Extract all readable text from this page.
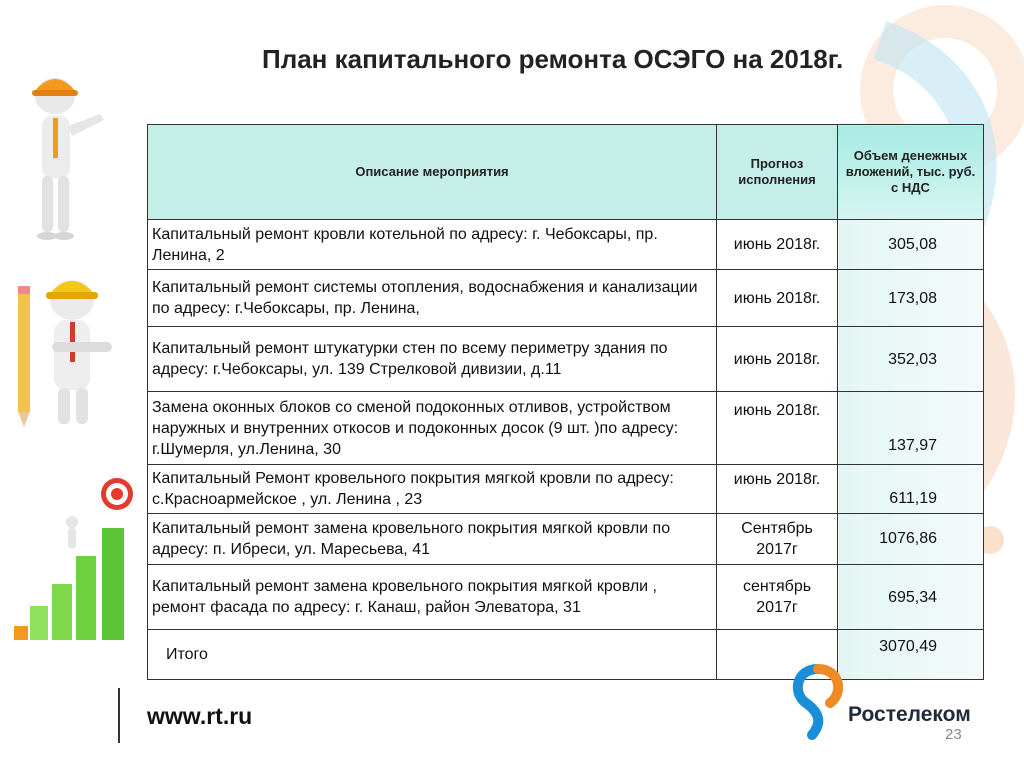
План капитального ремонта ОСЭГО на 2018г.
Описание мероприятия	Прогноз исполнения	Объем денежных вложений, тыс. руб. с НДС
Капитальный ремонт кровли котельной по адресу: г. Чебоксары, пр. Ленина, 2	июнь 2018г.	305,08
Капитальный ремонт системы отопления, водоснабжения и канализации по адресу: г.Чебоксары, пр. Ленина,	июнь 2018г.	173,08
Капитальный ремонт штукатурки стен по всему периметру здания по адресу: г.Чебоксары, ул. 139 Стрелковой дивизии, д.11	июнь 2018г.	352,03
Замена оконных блоков со сменой подоконных отливов, устройством наружных и внутренних откосов и подоконных досок (9 шт. )по адресу: г.Шумерля, ул.Ленина, 30	июнь 2018г.	137,97
Капитальный Ремонт кровельного покрытия мягкой кровли по адресу: с.Красноармейское , ул. Ленина , 23	июнь 2018г.	611,19
Капитальный ремонт замена кровельного покрытия мягкой кровли по адресу: п. Ибреси, ул. Маресьева, 41	Сентябрь 2017г	1076,86
Капитальный ремонт замена кровельного покрытия мягкой кровли , ремонт фасада по адресу: г. Канаш, район Элеватора, 31	сентябрь 2017г	695,34
Итого		3070,49
www.rt.ru	Ростелеком
23
